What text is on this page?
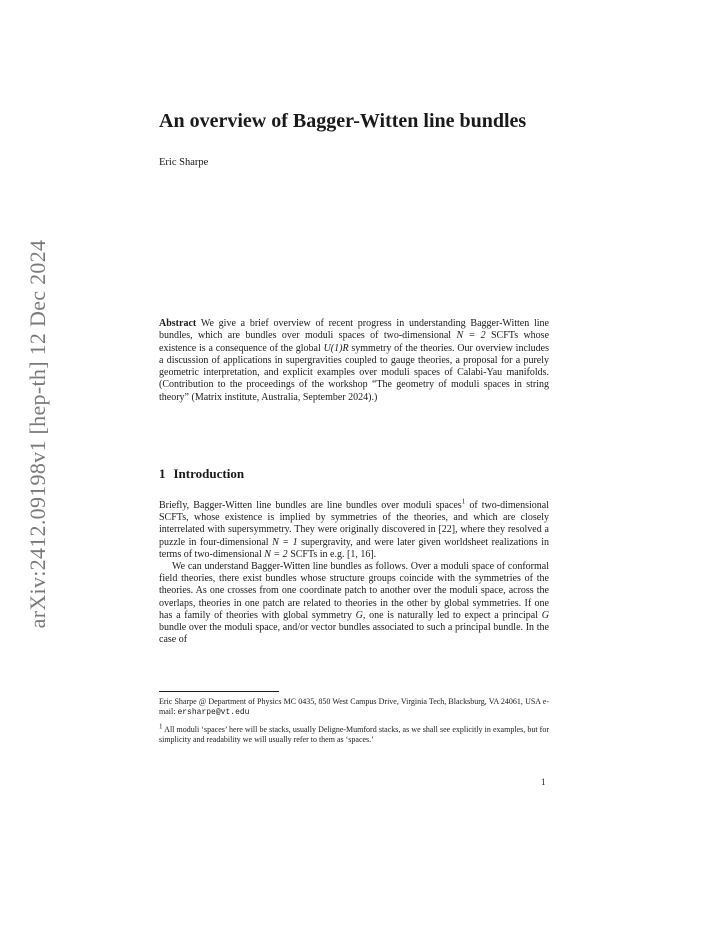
arXiv:2412.09198v1 [hep-th] 12 Dec 2024
An overview of Bagger-Witten line bundles
Eric Sharpe
Abstract We give a brief overview of recent progress in understanding Bagger-Witten line bundles, which are bundles over moduli spaces of two-dimensional N = 2 SCFTs whose existence is a consequence of the global U(1)R symmetry of the theories. Our overview includes a discussion of applications in supergravities coupled to gauge theories, a proposal for a purely geometric interpretation, and explicit examples over moduli spaces of Calabi-Yau manifolds. (Contribution to the proceedings of the workshop “The geometry of moduli spaces in string theory” (Matrix institute, Australia, September 2024).)
1 Introduction

Briefly, Bagger-Witten line bundles are line bundles over moduli spaces$^1$ of two-dimensional SCFTs, whose existence is implied by symmetries of the theories, and which are closely interrelated with supersymmetry. They were originally discovered in [22], where they resolved a puzzle in four-dimensional N = 1 supergravity, and were later given worldsheet realizations in terms of two-dimensional N = 2 SCFTs in e.g. [1, 16].

We can understand Bagger-Witten line bundles as follows. Over a moduli space of conformal field theories, there exist bundles whose structure groups coincide with the symmetries of the theories. As one crosses from one coordinate patch to another over the moduli space, across the overlaps, theories in one patch are related to theories in the other by global symmetries. If one has a family of theories with global symmetry G, one is naturally led to expect a principal G bundle over the moduli space, and/or vector bundles associated to such a principal bundle. In the case of

Eric Sharpe @ Department of Physics MC 0435, 850 West Campus Drive, Virginia Tech, Blacksburg, VA 24061, USA e-mail: ersharpe@vt.edu

$^1$ All moduli ‘spaces’ here will be stacks, usually Deligne-Mumford stacks, as we shall see explicitly in examples, but for simplicity and readability we will usually refer to them as ‘spaces.’

1
